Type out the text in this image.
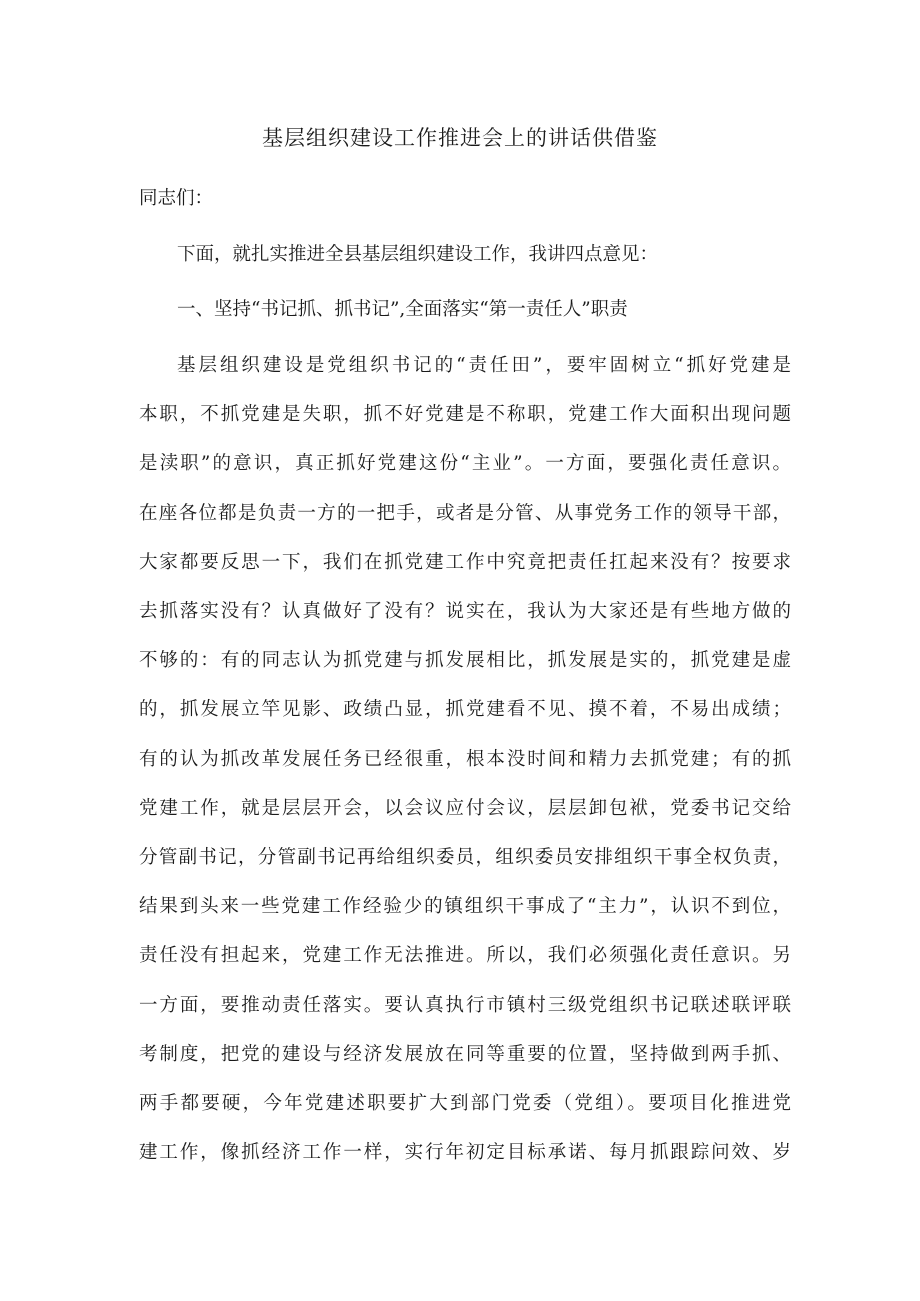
基层组织建设工作推进会上的讲话供借鉴
同志们：
下面，就扎实推进全县基层组织建设工作，我讲四点意见：
一、坚持“书记抓、抓书记”,全面落实“第一责任人”职责
基层组织建设是党组织书记的“责任田”，要牢固树立“抓好党建是
本职，不抓党建是失职，抓不好党建是不称职，党建工作大面积出现问题
是渎职”的意识，真正抓好党建这份“主业”。一方面，要强化责任意识。
在座各位都是负责一方的一把手，或者是分管、从事党务工作的领导干部，
大家都要反思一下，我们在抓党建工作中究竟把责任扛起来没有？按要求
去抓落实没有？认真做好了没有？说实在，我认为大家还是有些地方做的
不够的：有的同志认为抓党建与抓发展相比，抓发展是实的，抓党建是虚
的，抓发展立竿见影、政绩凸显，抓党建看不见、摸不着，不易出成绩；
有的认为抓改革发展任务已经很重，根本没时间和精力去抓党建；有的抓
党建工作，就是层层开会，以会议应付会议，层层卸包袱，党委书记交给
分管副书记，分管副书记再给组织委员，组织委员安排组织干事全权负责，
结果到头来一些党建工作经验少的镇组织干事成了“主力”，认识不到位，
责任没有担起来，党建工作无法推进。所以，我们必须强化责任意识。另
一方面，要推动责任落实。要认真执行市镇村三级党组织书记联述联评联
考制度，把党的建设与经济发展放在同等重要的位置，坚持做到两手抓、
两手都要硬，今年党建述职要扩大到部门党委（党组）。要项目化推进党
建工作，像抓经济工作一样，实行年初定目标承诺、每月抓跟踪问效、岁
